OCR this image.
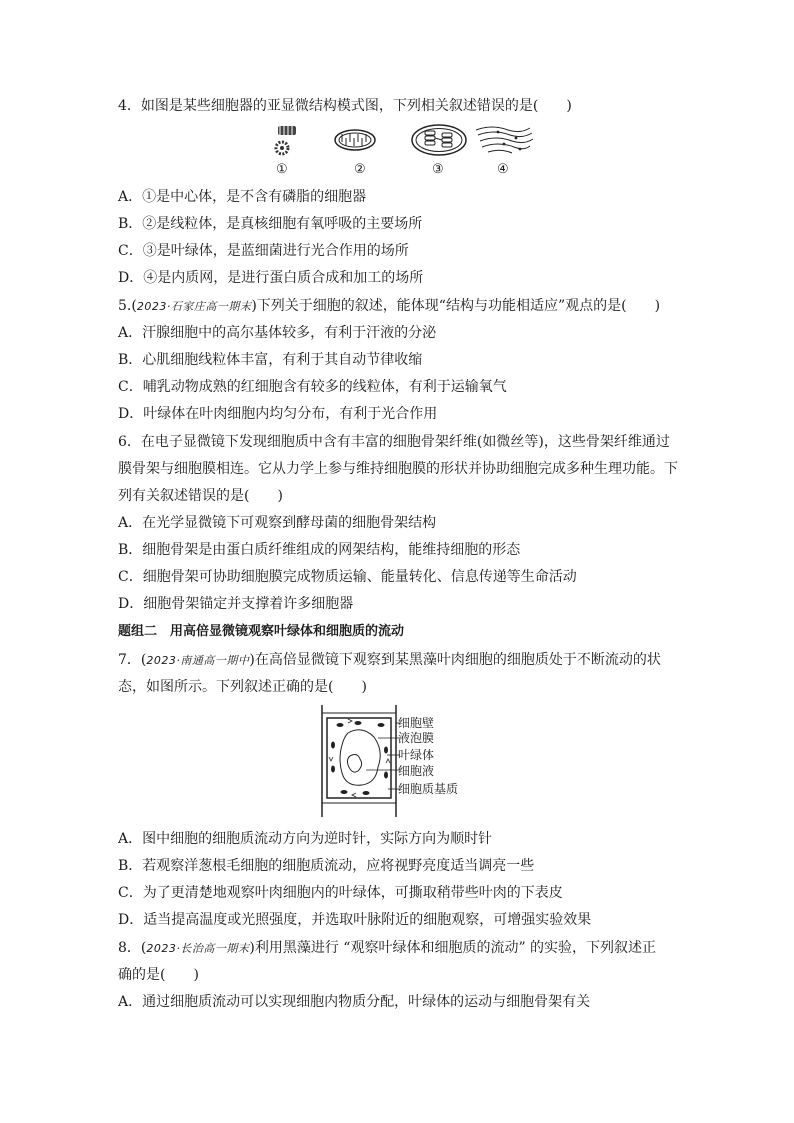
4．如图是某些细胞器的亚显微结构模式图，下列相关叙述错误的是(　　)
①	②	③	④
A．①是中心体，是不含有磷脂的细胞器
B．②是线粒体，是真核细胞有氧呼吸的主要场所
C．③是叶绿体，是蓝细菌进行光合作用的场所
D．④是内质网，是进行蛋白质合成和加工的场所
5.(2023·石家庄高一期末)下列关于细胞的叙述，能体现“结构与功能相适应”观点的是(　　)
A．汗腺细胞中的高尔基体较多，有利于汗液的分泌
B．心肌细胞线粒体丰富，有利于其自动节律收缩
C．哺乳动物成熟的红细胞含有较多的线粒体，有利于运输氧气
D．叶绿体在叶肉细胞内均匀分布，有利于光合作用
6．在电子显微镜下发现细胞质中含有丰富的细胞骨架纤维(如微丝等)，这些骨架纤维通过
膜骨架与细胞膜相连。它从力学上参与维持细胞膜的形状并协助细胞完成多种生理功能。下
列有关叙述错误的是(　　)
A．在光学显微镜下可观察到酵母菌的细胞骨架结构
B．细胞骨架是由蛋白质纤维组成的网架结构，能维持细胞的形态
C．细胞骨架可协助细胞膜完成物质运输、能量转化、信息传递等生命活动
D．细胞骨架锚定并支撑着许多细胞器
题组二　用高倍显微镜观察叶绿体和细胞质的流动
7．(2023·南通高一期中)在高倍显微镜下观察到某黑藻叶肉细胞的细胞质处于不断流动的状
态，如图所示。下列叙述正确的是(　　)
细胞壁
液泡膜
叶绿体
细胞液
细胞质基质
A．图中细胞的细胞质流动方向为逆时针，实际方向为顺时针
B．若观察洋葱根毛细胞的细胞质流动，应将视野亮度适当调亮一些
C．为了更清楚地观察叶肉细胞内的叶绿体，可撕取稍带些叶肉的下表皮
D．适当提高温度或光照强度，并选取叶脉附近的细胞观察，可增强实验效果
8．(2023·长治高一期末)利用黑藻进行 “观察叶绿体和细胞质的流动” 的实验，下列叙述正
确的是(　　)
A．通过细胞质流动可以实现细胞内物质分配，叶绿体的运动与细胞骨架有关
